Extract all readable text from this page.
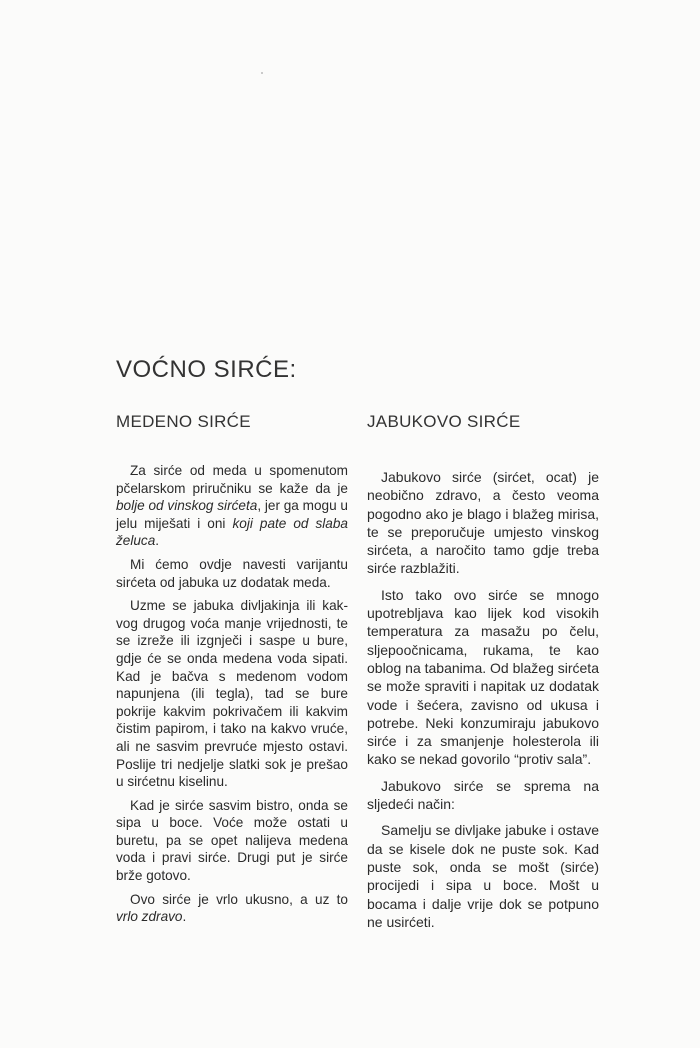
VOĆNO SIRĆE:
MEDENO SIRĆE

Za sirće od meda u spomenutom pčelarskom priručniku se kaže da je bolje od vinskog sirćeta, jer ga mogu u jelu miješati i oni koji pate od slaba želuca.

Mi ćemo ovdje navesti varijantu sirćeta od jabuka uz dodatak meda.

Uzme se jabuka divljakinja ili kakvog drugog voća manje vrijednosti, te se izreže ili izgnječi i saspe u bure, gdje će se onda medena voda sipati. Kad je bačva s medenom vodom napunjena (ili tegla), tad se bure pokrije kakvim pokrivačem ili kakvim čistim papirom, i tako na kakvo vruće, ali ne sasvim prevruće mjesto ostavi. Poslije tri nedjelje slatki sok je prešao u sirćetnu kiselinu.

Kad je sirće sasvim bistro, onda se sipa u boce. Voće može ostati u buretu, pa se opet nalijeva medena voda i pravi sirće. Drugi put je sirće brže gotovo.

Ovo sirće je vrlo ukusno, a uz to vrlo zdravo.

JABUKOVO SIRĆE

Jabukovo sirće (sirćet, ocat) je neobično zdravo, a često veoma pogodno ako je blago i blažeg mirisa, te se preporučuje umjesto vinskog sirćeta, a naročito tamo gdje treba sirće razblažiti.

Isto tako ovo sirće se mnogo upotrebljava kao lijek kod visokih temperatura za masažu po čelu, sljepoočnicama, rukama, te kao oblog na tabanima. Od blažeg sirćeta se može spraviti i napitak uz dodatak vode i šećera, zavisno od ukusa i potrebe. Neki konzumiraju jabukovo sirće i za smanjenje holesterola ili kako se nekad govorilo “protiv sala”.

Jabukovo sirće se sprema na sljedeći način:

Samelju se divljake jabuke i ostave da se kisele dok ne puste sok. Kad puste sok, onda se mošt (sirće) procijedi i sipa u boce. Mošt u bocama i dalje vrije dok se potpuno ne usirćeti.
